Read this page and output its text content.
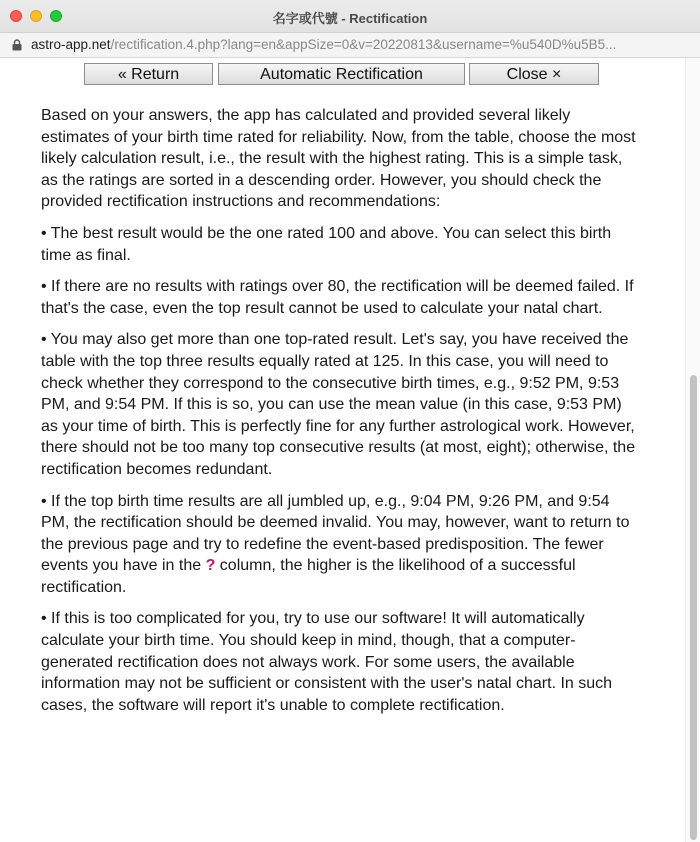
名字或代號 - Rectification
astro-app.net/rectification.4.php?lang=en&appSize=0&v=20220813&username=%u540D%u5B5...
« Return	Automatic Rectification	Close ×

Based on your answers, the app has calculated and provided several likely estimates of your birth time rated for reliability. Now, from the table, choose the most likely calculation result, i.e., the result with the highest rating. This is a simple task, as the ratings are sorted in a descending order. However, you should check the provided rectification instructions and recommendations:

• The best result would be the one rated 100 and above. You can select this birth time as final.

• If there are no results with ratings over 80, the rectification will be deemed failed. If that's the case, even the top result cannot be used to calculate your natal chart.

• You may also get more than one top-rated result. Let's say, you have received the table with the top three results equally rated at 125. In this case, you will need to check whether they correspond to the consecutive birth times, e.g., 9:52 PM, 9:53 PM, and 9:54 PM. If this is so, you can use the mean value (in this case, 9:53 PM) as your time of birth. This is perfectly fine for any further astrological work. However, there should not be too many top consecutive results (at most, eight); otherwise, the rectification becomes redundant.

• If the top birth time results are all jumbled up, e.g., 9:04 PM, 9:26 PM, and 9:54 PM, the rectification should be deemed invalid. You may, however, want to return to the previous page and try to redefine the event-based predisposition. The fewer events you have in the ? column, the higher is the likelihood of a successful rectification.

• If this is too complicated for you, try to use our software! It will automatically calculate your birth time. You should keep in mind, though, that a computer-generated rectification does not always work. For some users, the available information may not be sufficient or consistent with the user's natal chart. In such cases, the software will report it's unable to complete rectification.
